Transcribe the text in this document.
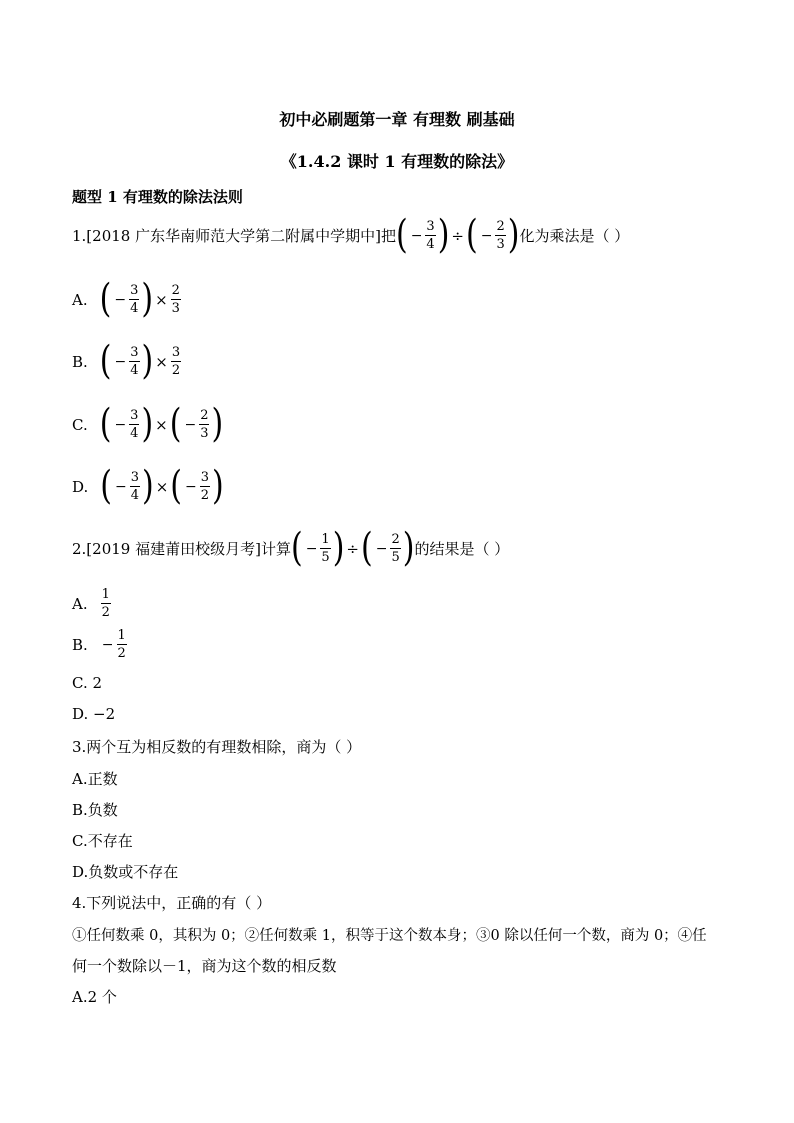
初中必刷题第一章 有理数 刷基础
《1.4.2 课时 1 有理数的除法》
题型 1 有理数的除法法则
1.[2018 广东华南师范大学第二附属中学期中]把 ( − $\frac{3}{4}$ ) ÷ ( − $\frac{2}{3}$ ) 化为乘法是（ ）
A. ( − $\frac{3}{4}$ ) × $\frac{2}{3}$
B. ( − $\frac{3}{4}$ ) × $\frac{3}{2}$
C. ( − $\frac{3}{4}$ ) × ( − $\frac{2}{3}$ )
D. ( − $\frac{3}{4}$ ) × ( − $\frac{3}{2}$ )
2.[2019 福建莆田校级月考]计算 ( − $\frac{1}{5}$ ) ÷ ( − $\frac{2}{5}$ ) 的结果是（ ）
A. $\frac{1}{2}$
B. − $\frac{1}{2}$
C. 2
D. −2
3.两个互为相反数的有理数相除，商为（ ）
A.正数
B.负数
C.不存在
D.负数或不存在
4.下列说法中，正确的有（ ）
①任何数乘 0，其积为 0；②任何数乘 1，积等于这个数本身；③0 除以任何一个数，商为 0；④任
何一个数除以－1，商为这个数的相反数
A.2 个
